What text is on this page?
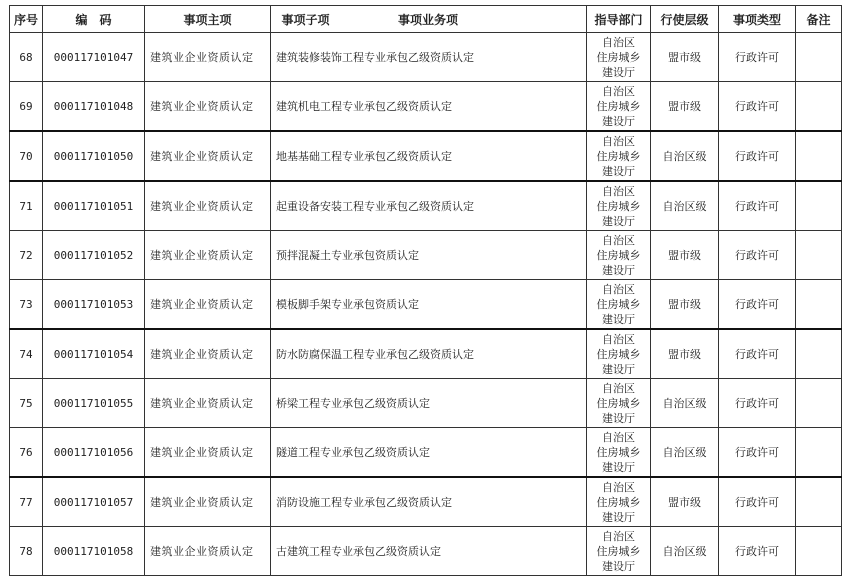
序号	编　码	事项主项	事项子项 事项业务项	指导部门	行使层级	事项类型	备注

68	000117101047	建筑业企业资质认定	建筑装修装饰工程专业承包乙级资质认定	自治区
住房城乡
建设厅	盟市级	行政许可	

69	000117101048	建筑业企业资质认定	建筑机电工程专业承包乙级资质认定	自治区
住房城乡
建设厅	盟市级	行政许可	

70	000117101050	建筑业企业资质认定	地基基础工程专业承包乙级资质认定	自治区
住房城乡
建设厅	自治区级	行政许可	

71	000117101051	建筑业企业资质认定	起重设备安装工程专业承包乙级资质认定	自治区
住房城乡
建设厅	自治区级	行政许可	

72	000117101052	建筑业企业资质认定	预拌混凝土专业承包资质认定	自治区
住房城乡
建设厅	盟市级	行政许可	

73	000117101053	建筑业企业资质认定	模板脚手架专业承包资质认定	自治区
住房城乡
建设厅	盟市级	行政许可	

74	000117101054	建筑业企业资质认定	防水防腐保温工程专业承包乙级资质认定	自治区
住房城乡
建设厅	盟市级	行政许可	

75	000117101055	建筑业企业资质认定	桥梁工程专业承包乙级资质认定	自治区
住房城乡
建设厅	自治区级	行政许可	

76	000117101056	建筑业企业资质认定	隧道工程专业承包乙级资质认定	自治区
住房城乡
建设厅	自治区级	行政许可	

77	000117101057	建筑业企业资质认定	消防设施工程专业承包乙级资质认定	自治区
住房城乡
建设厅	盟市级	行政许可	

78	000117101058	建筑业企业资质认定	古建筑工程专业承包乙级资质认定	自治区
住房城乡
建设厅	自治区级	行政许可	
